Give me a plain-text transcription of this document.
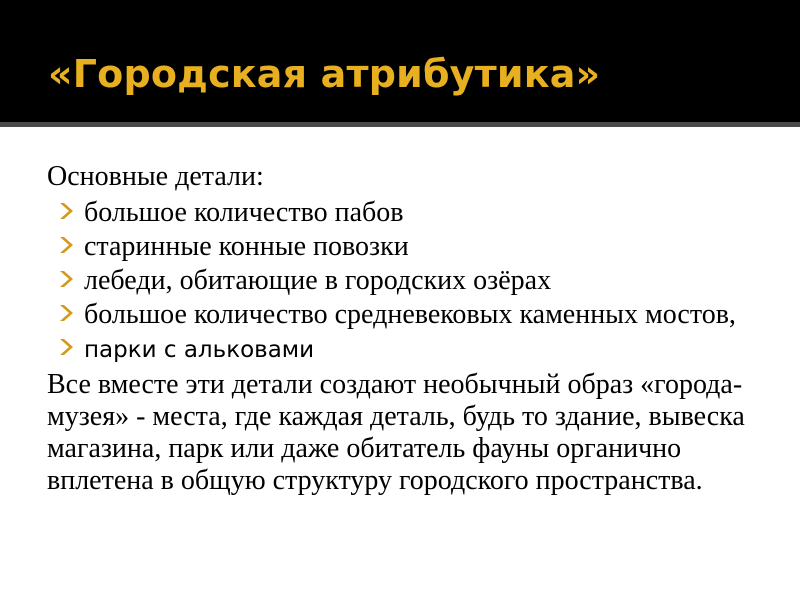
«Городская атрибутика»

Основные детали:

большое количество пабов
старинные конные повозки
лебеди, обитающие в городских озёрах
большое количество средневековых каменных мостов,
парки с альковами

Все вместе эти детали создают необычный образ «города-музея» - места, где каждая деталь, будь то здание, вывеска магазина, парк или даже обитатель фауны органично вплетена в общую структуру городского пространства.
